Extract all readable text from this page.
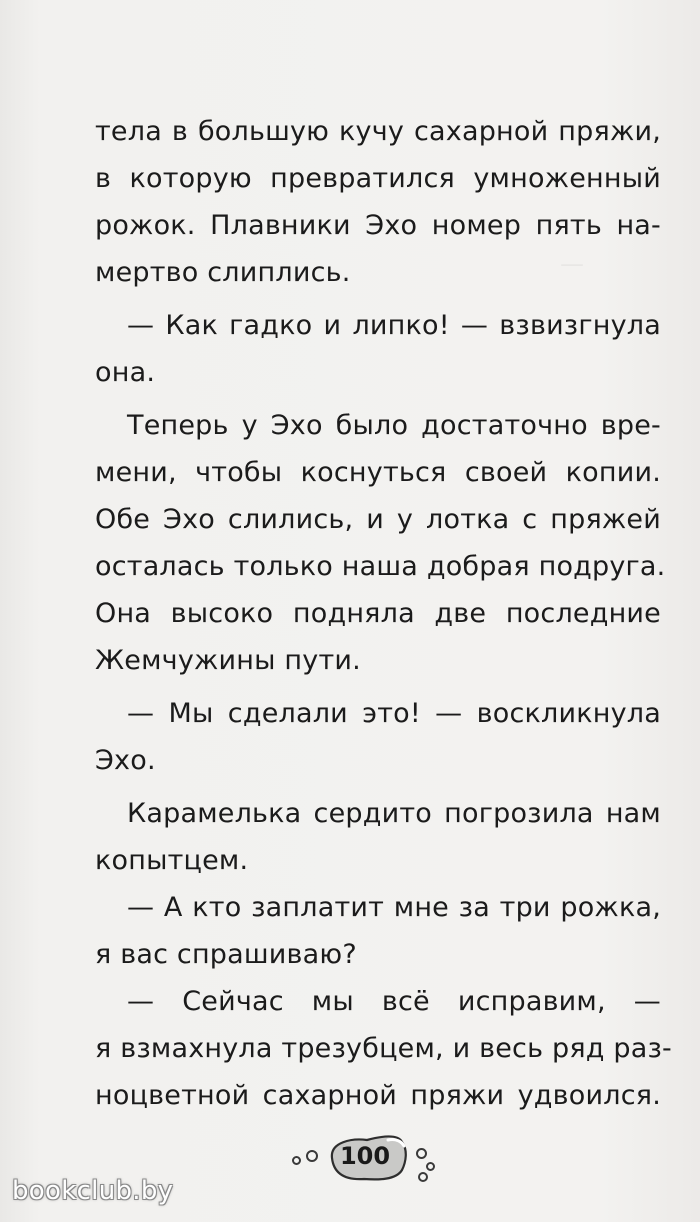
тела в большую кучу сахарной пряжи,
в которую превратился умноженный
рожок. Плавники Эхо номер пять на-
мертво слиплись.
— Как гадко и липко! — взвизгнула
она.
Теперь у Эхо было достаточно вре-
мени, чтобы коснуться своей копии.
Обе Эхо слились, и у лотка с пряжей
осталась только наша добрая подруга.
Она высоко подняла две последние
Жемчужины пути.
— Мы сделали это! — воскликнула
Эхо.
Карамелька сердито погрозила нам
копытцем.
— А кто заплатит мне за три рожка,
я вас спрашиваю?
— Сейчас мы всё исправим, —
я взмахнула трезубцем, и весь ряд раз-
ноцветной сахарной пряжи удвоился.
100
bookclub.by
